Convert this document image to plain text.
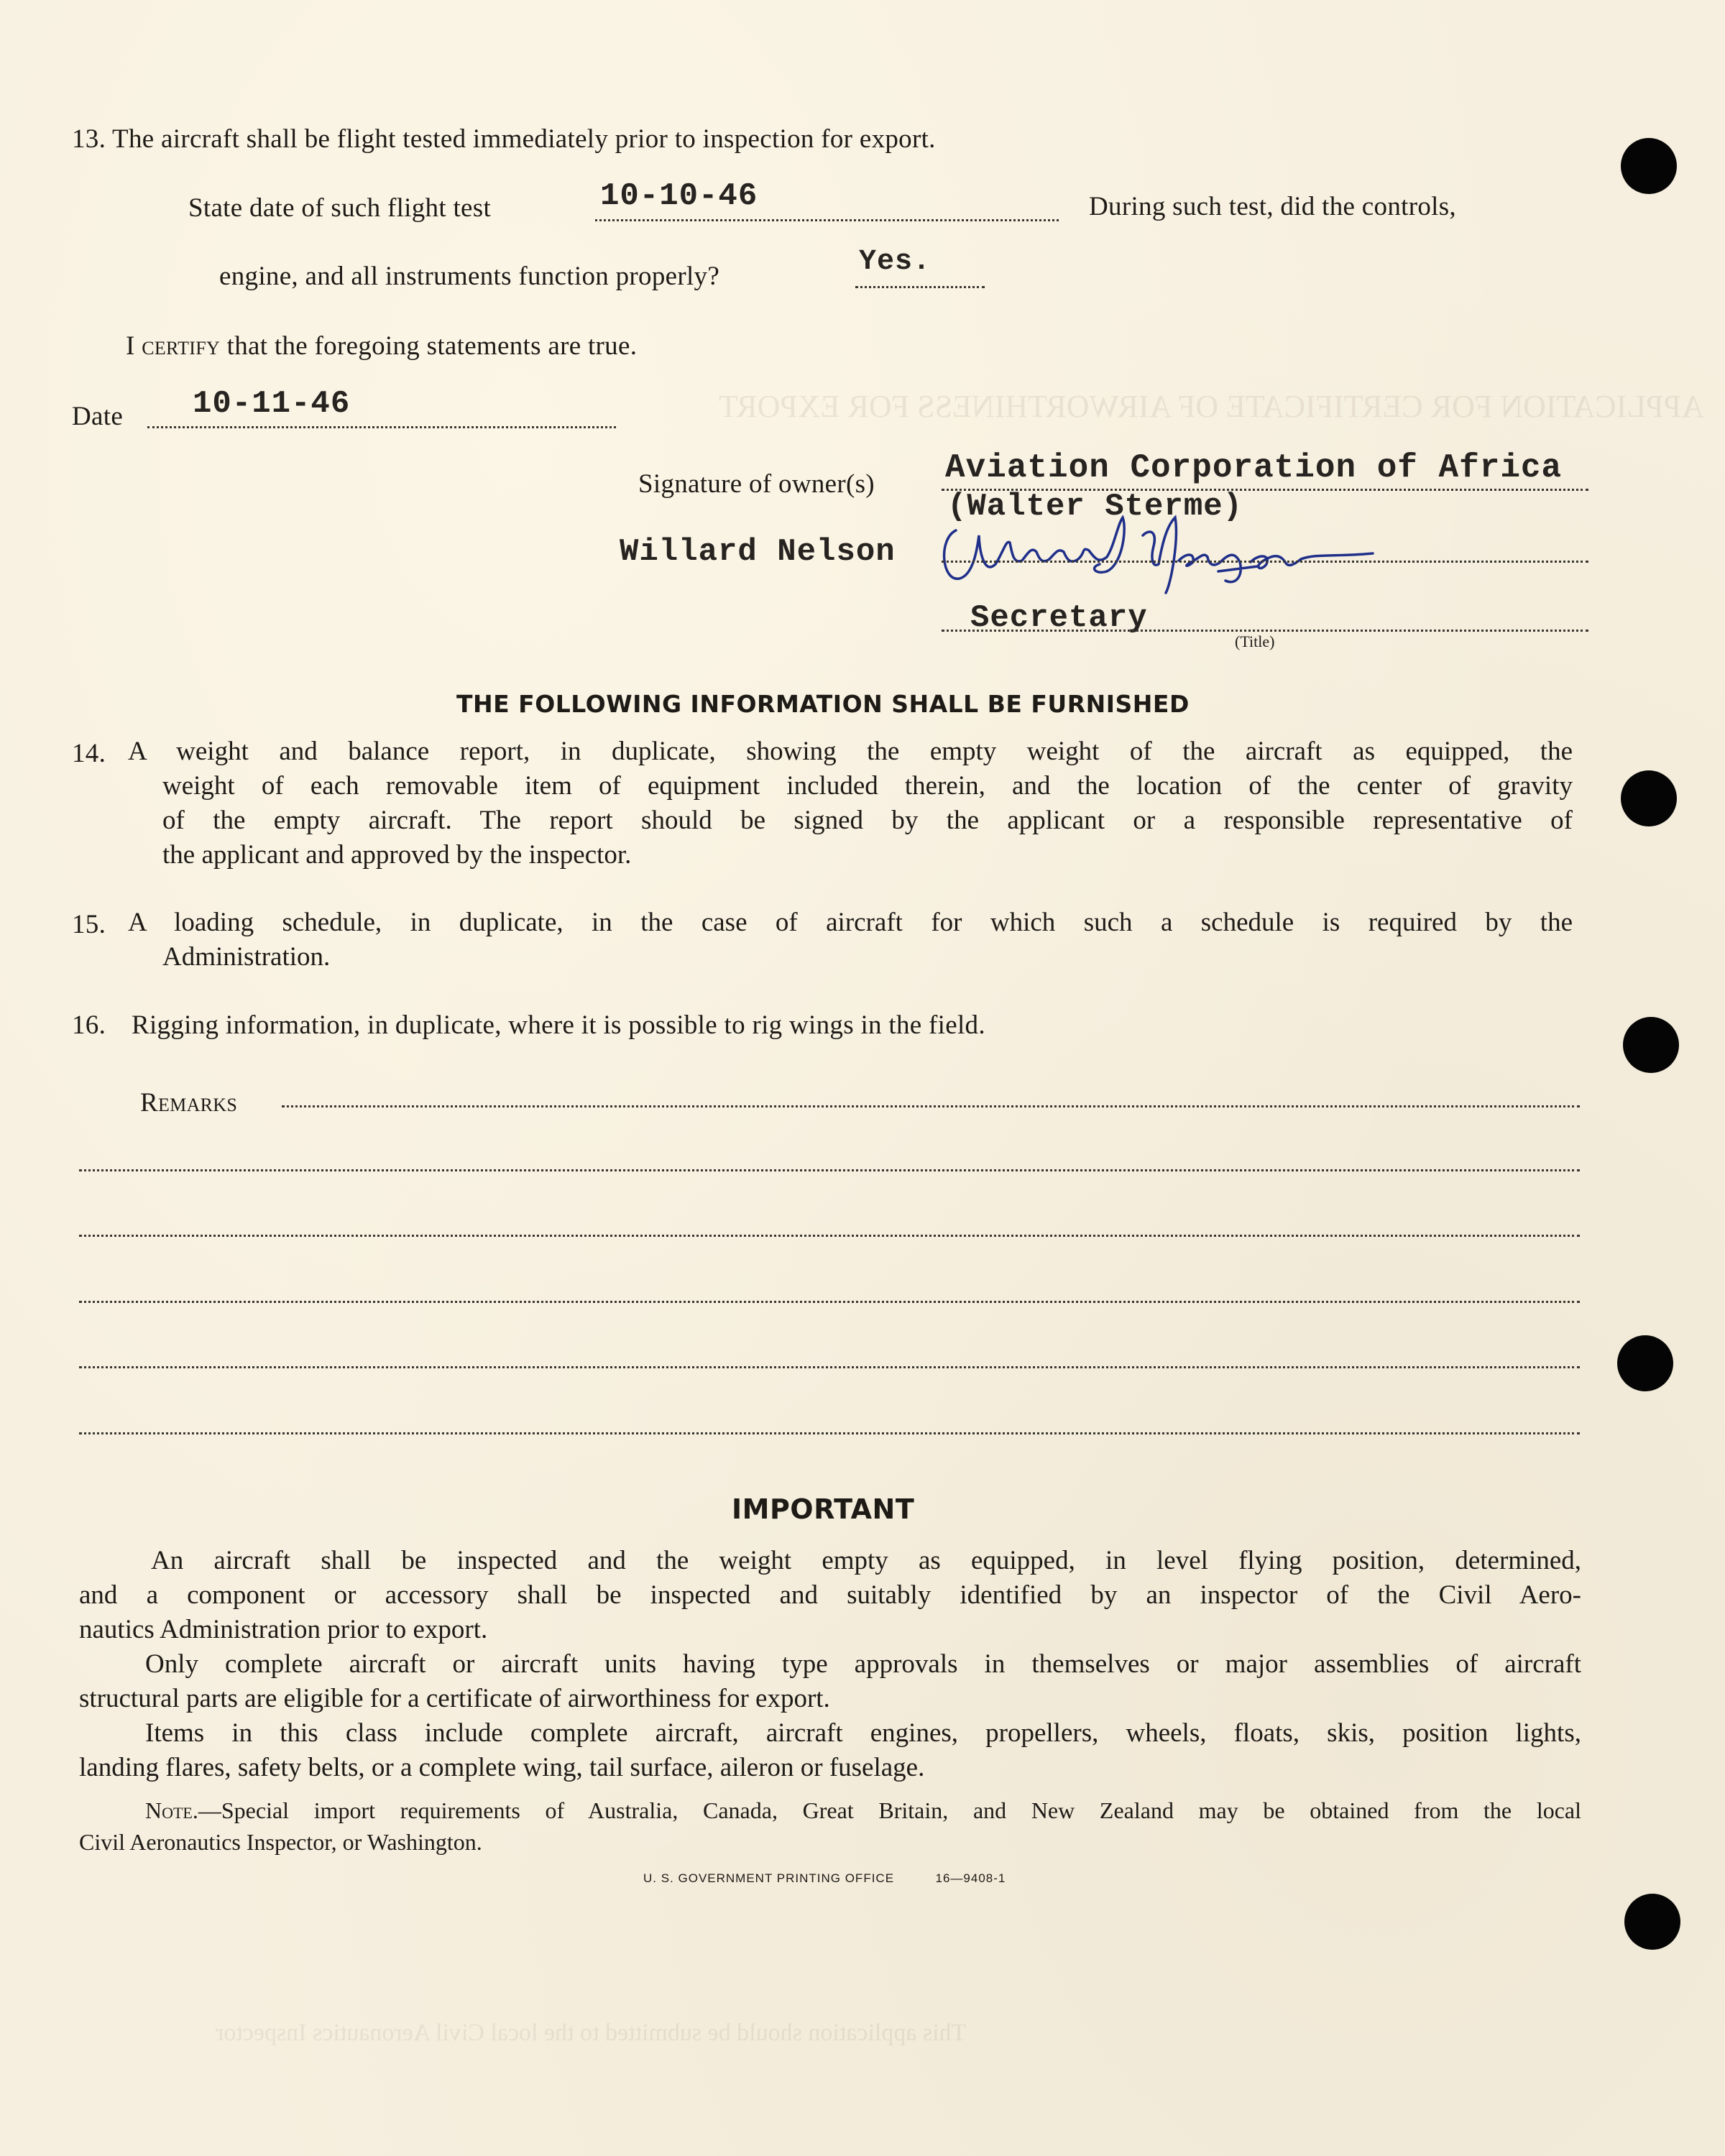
APPLICATION FOR CERTIFICATE OF AIRWORTHINESS FOR EXPORT
This application should be submitted to the local Civil Aeronautics Inspector
13. The aircraft shall be flight tested immediately prior to inspection for export.
State date of such flight test	10-10-46	During such test, did the controls,
engine, and all instruments function properly?	Yes.
I certify that the foregoing statements are true.
Date 10-11-46
Signature of owner(s) Aviation Corporation of Africa
(Walter Sterme)
Willard Nelson
Secretary
(Title)
THE FOLLOWING INFORMATION SHALL BE FURNISHED
14. A weight and balance report, in duplicate, showing the empty weight of the aircraft as equipped, the
weight of each removable item of equipment included therein, and the location of the center of gravity
of the empty aircraft. The report should be signed by the applicant or a responsible representative of
the applicant and approved by the inspector.
15. A loading schedule, in duplicate, in the case of aircraft for which such a schedule is required by the
Administration.
16. Rigging information, in duplicate, where it is possible to rig wings in the field.
Remarks
IMPORTANT
An aircraft shall be inspected and the weight empty as equipped, in level flying position, determined,
and a component or accessory shall be inspected and suitably identified by an inspector of the Civil Aero-
nautics Administration prior to export.
Only complete aircraft or aircraft units having type approvals in themselves or major assemblies of aircraft
structural parts are eligible for a certificate of airworthiness for export.
Items in this class include complete aircraft, aircraft engines, propellers, wheels, floats, skis, position lights,
landing flares, safety belts, or a complete wing, tail surface, aileron or fuselage.
Note.—Special import requirements of Australia, Canada, Great Britain, and New Zealand may be obtained from the local
Civil Aeronautics Inspector, or Washington.
U. S. GOVERNMENT PRINTING OFFICE	16—9408-1
